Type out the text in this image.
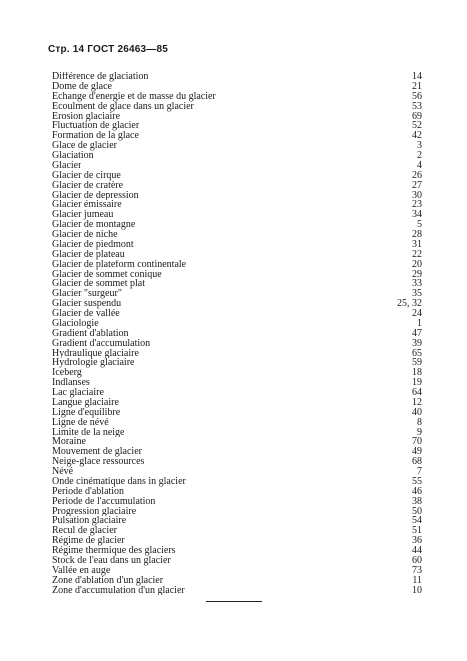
Стр. 14 ГОСТ 26463—85
Différence de glaciation	14
Dome de glace	21
Echange d'energie et de masse du glacier	56
Ecoulment de glace dans un glacier	53
Erosion glaciaire	69
Fluctuation de glacier	52
Formation de la glace	42
Glace de glacier	3
Glaciation	2
Glacier	4
Glacier de cirque	26
Glacier de cratère	27
Glacier de depression	30
Glacier émissaire	23
Glacier jumeau	34
Glacier de montagne	5
Glacier de niche	28
Glacier de piedmont	31
Glacier de plateau	22
Glacier de plateform continentale	20
Glacier de sommet conique	29
Glacier de sommet plat	33
Glacier "surgeur"	35
Glacier suspendu	25, 32
Glacier de vallée	24
Glaciologie	1
Gradient d'ablation	47
Gradient d'accumulation	39
Hydraulique glaciaire	65
Hydrologie glaciaire	59
Iceberg	18
Indlanses	19
Lac glaciaire	64
Langue glaciaire	12
Ligne d'equilibre	40
Ligne de névé	8
Limite de la neige	9
Moraine	70
Mouvement de glacier	49
Neige-glace ressources	68
Névé	7
Onde cinématique dans in glacier	55
Periode d'ablation	46
Periode de l'accumulation	38
Progression glaciaire	50
Pulsation glaciaire	54
Recul de glacier	51
Régime de glacier	36
Régime thermique des glaciers	44
Stock de l'eau dans un glacier	60
Vallée en auge	73
Zone d'ablation d'un glacier	11
Zone d'accumulation d'un glacier	10
